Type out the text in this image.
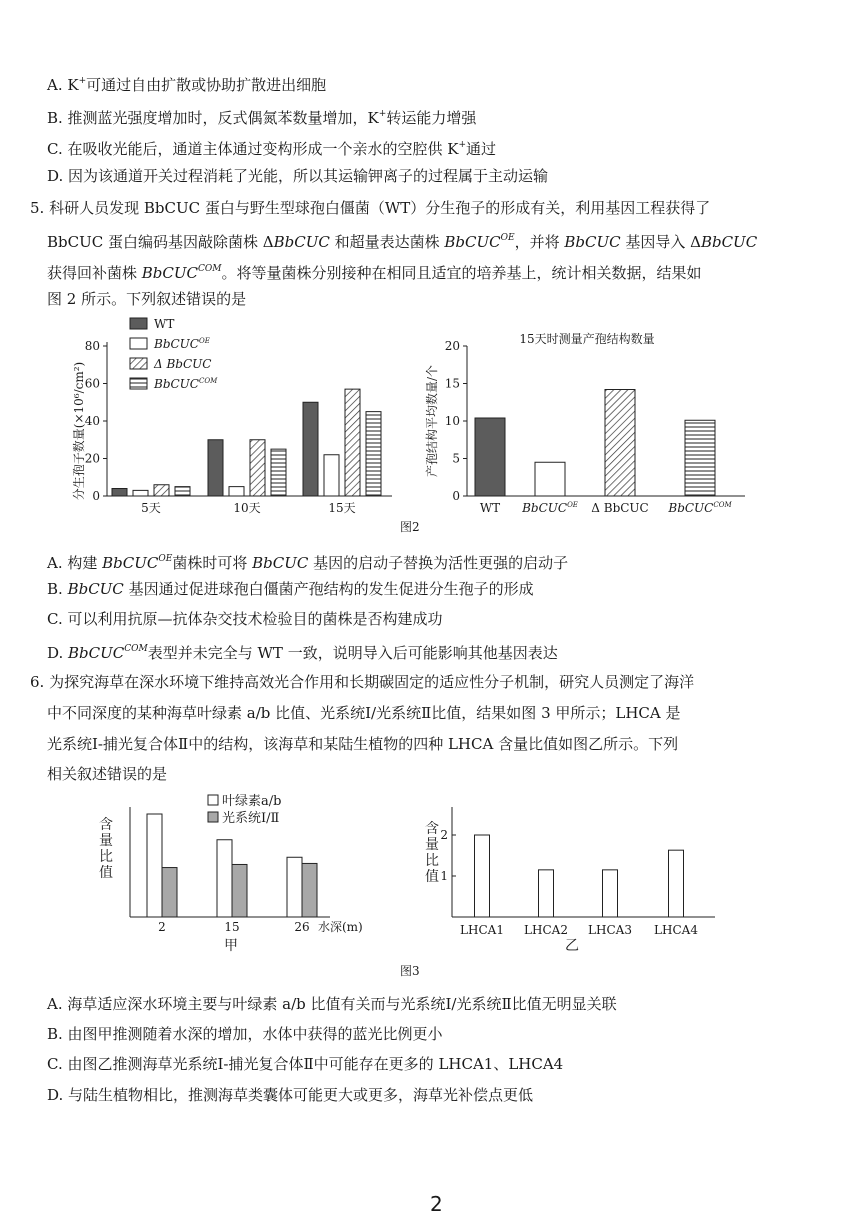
A. K+可通过自由扩散或协助扩散进出细胞
B. 推测蓝光强度增加时，反式偶氮苯数量增加，K+转运能力增强
C. 在吸收光能后，通道主体通过变构形成一个亲水的空腔供 K+通过
D. 因为该通道开关过程消耗了光能，所以其运输钾离子的过程属于主动运输
5. 科研人员发现 BbCUC 蛋白与野生型球孢白僵菌（WT）分生孢子的形成有关，利用基因工程获得了
BbCUC 蛋白编码基因敲除菌株 ΔBbCUC 和超量表达菌株 BbCUC$^{OE}$，并将 BbCUC 基因导入 ΔBbCUC
获得回补菌株 BbCUC$^{COM}$。将等量菌株分别接种在相同且适宜的培养基上，统计相关数据，结果如
图 2 所示。下列叙述错误的是
0
20
40
60
80
5天	10天	15天
分生孢子数量(×10⁶/cm²)
WT
BbCUC$^{OE}$
Δ BbCUC
BbCUC$^{COM}$
0
5
10
15
20	15天时测量产孢结构数量
产孢结构平均数量/个
WT BbCUC$^{OE}$ Δ BbCUC BbCUC$^{COM}$
图2
A. 构建 BbCUC$^{OE}$菌株时可将 BbCUC 基因的启动子替换为活性更强的启动子
B. BbCUC 基因通过促进球孢白僵菌产孢结构的发生促进分生孢子的形成
C. 可以利用抗原—抗体杂交技术检验目的菌株是否构建成功
D. BbCUC$^{COM}$表型并未完全与 WT 一致，说明导入后可能影响其他基因表达
6. 为探究海草在深水环境下维持高效光合作用和长期碳固定的适应性分子机制，研究人员测定了海洋
中不同深度的某种海草叶绿素 a/b 比值、光系统Ⅰ/光系统Ⅱ比值，结果如图 3 甲所示；LHCA 是
光系统Ⅰ-捕光复合体Ⅱ中的结构，该海草和某陆生植物的四种 LHCA 含量比值如图乙所示。下列
相关叙述错误的是
2	15	26 水深(m)
甲
含
量
比
值
叶绿素a/b
光系统Ⅰ/Ⅱ
1
2
LHCA1 LHCA2 LHCA3 LHCA4
乙
含
量
比
值
图3
A. 海草适应深水环境主要与叶绿素 a/b 比值有关而与光系统Ⅰ/光系统Ⅱ比值无明显关联
B. 由图甲推测随着水深的增加，水体中获得的蓝光比例更小
C. 由图乙推测海草光系统Ⅰ-捕光复合体Ⅱ中可能存在更多的 LHCA1、LHCA4
D. 与陆生植物相比，推测海草类囊体可能更大或更多，海草光补偿点更低
2
